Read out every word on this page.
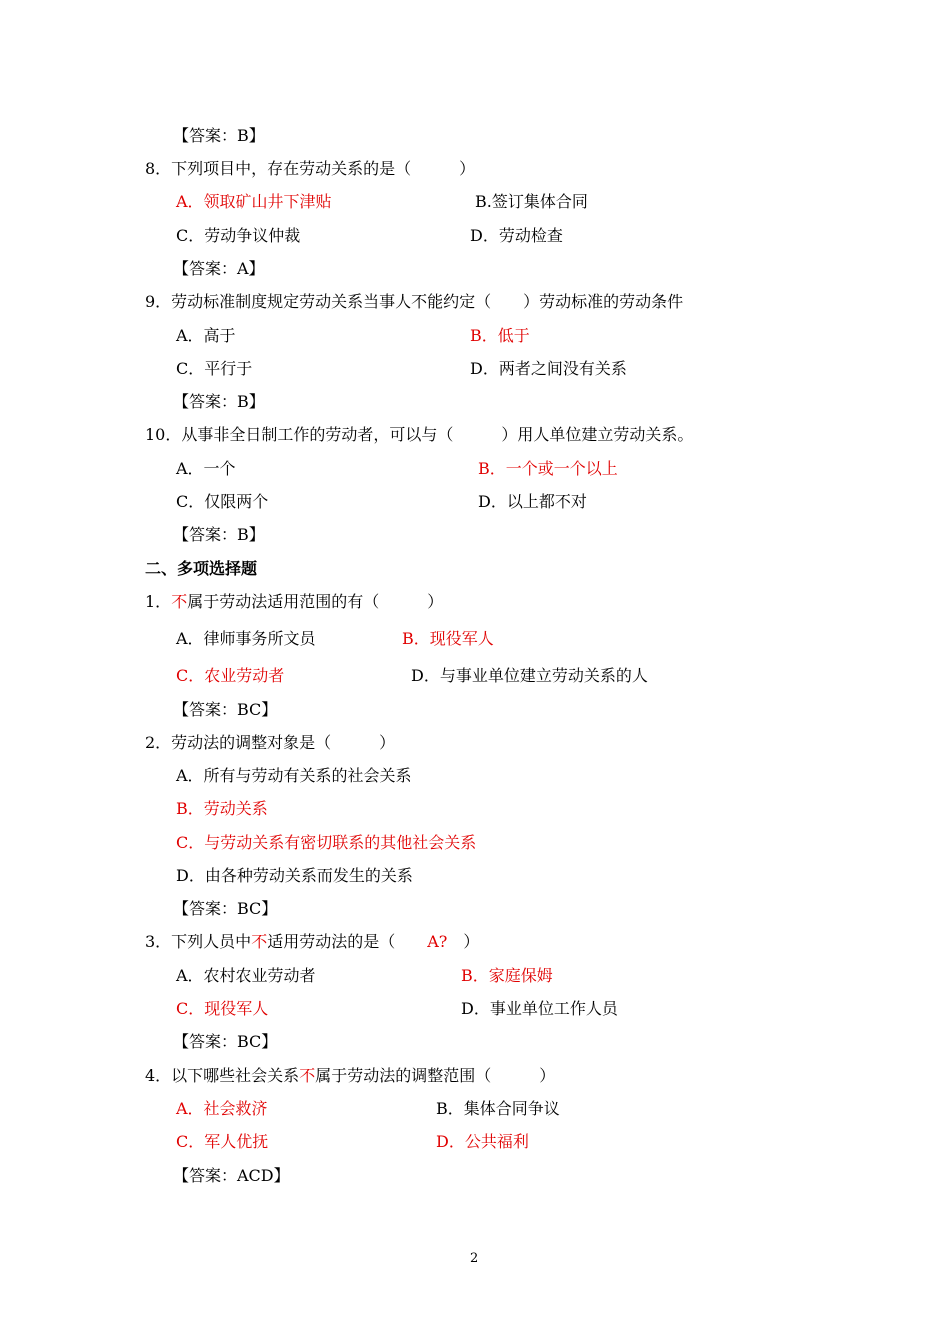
【答案：B】
8．下列项目中，存在劳动关系的是（　　　）
A．领取矿山井下津贴	B.签订集体合同
C．劳动争议仲裁	D．劳动检查
【答案：A】
9．劳动标准制度规定劳动关系当事人不能约定（　　）劳动标准的劳动条件
A．高于	B．低于
C．平行于	D．两者之间没有关系
【答案：B】
10．从事非全日制工作的劳动者，可以与（　　　）用人单位建立劳动关系。
A．一个	B．一个或一个以上
C．仅限两个	D．以上都不对
【答案：B】
二、多项选择题
1．不属于劳动法适用范围的有（　　　）
A．律师事务所文员	B．现役军人
C．农业劳动者	D．与事业单位建立劳动关系的人
【答案：BC】
2．劳动法的调整对象是（　　　）
A．所有与劳动有关系的社会关系
B．劳动关系
C．与劳动关系有密切联系的其他社会关系
D．由各种劳动关系而发生的关系
【答案：BC】
3．下列人员中不适用劳动法的是（　　A?　）
A．农村农业劳动者	B．家庭保姆
C．现役军人	D．事业单位工作人员
【答案：BC】
4．以下哪些社会关系不属于劳动法的调整范围（　　　）
A．社会救济	B．集体合同争议
C．军人优抚	D．公共福利
【答案：ACD】
2
